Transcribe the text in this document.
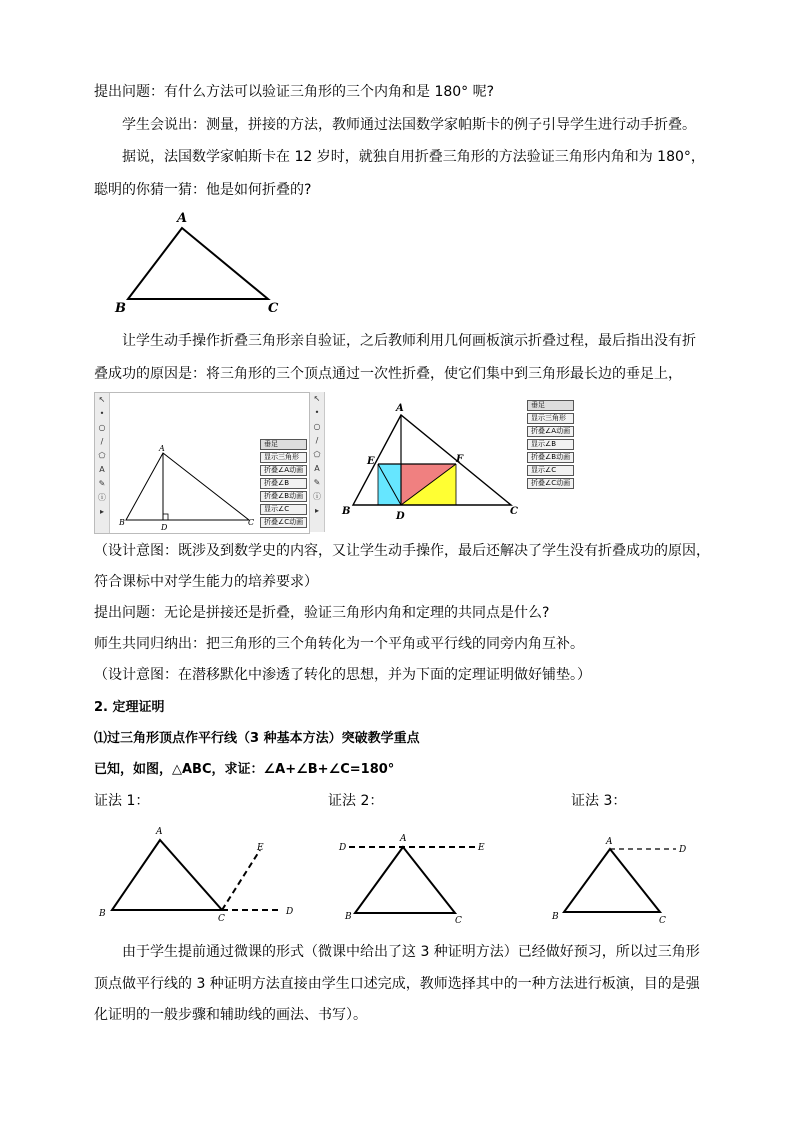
提出问题：有什么方法可以验证三角形的三个内角和是 180° 呢?
学生会说出：测量，拼接的方法，教师通过法国数学家帕斯卡的例子引导学生进行动手折叠。
据说，法国数学家帕斯卡在 12 岁时，就独自用折叠三角形的方法验证三角形内角和为 180°，
聪明的你猜一猜：他是如何折叠的?
A
B	C
让学生动手操作折叠三角形亲自验证，之后教师利用几何画板演示折叠过程，最后指出没有折
叠成功的原因是：将三角形的三个顶点通过一次性折叠，使它们集中到三角形最长边的垂足上，
↖
•
○
/
⬠
A
✎
ⓘ
▸
A
B
D
C
垂足
显示三角形
折叠∠A动画
折叠∠B
折叠∠B动画
显示∠C
折叠∠C动画
↖
•
○
/
⬠
A
✎
ⓘ
▸
A
E	F
B	D	C
垂足
显示三角形
折叠∠A动画
显示∠B
折叠∠B动画
显示∠C
折叠∠C动画
（设计意图：既涉及到数学史的内容，又让学生动手操作，最后还解决了学生没有折叠成功的原因，
符合课标中对学生能力的培养要求）
提出问题：无论是拼接还是折叠，验证三角形内角和定理的共同点是什么?
师生共同归纳出：把三角形的三个角转化为一个平角或平行线的同旁内角互补。
（设计意图：在潜移默化中渗透了转化的思想，并为下面的定理证明做好铺垫。）
2. 定理证明
⑴过三角形顶点作平行线（3 种基本方法）突破教学重点
已知，如图，△ABC，求证：∠A+∠B+∠C=180°
证法 1：	证法 2：	证法 3：
A
B	C
D
E	D
A
E
B	C
A
D
B	C
由于学生提前通过微课的形式（微课中给出了这 3 种证明方法）已经做好预习，所以过三角形
顶点做平行线的 3 种证明方法直接由学生口述完成，教师选择其中的一种方法进行板演，目的是强
化证明的一般步骤和辅助线的画法、书写）。
